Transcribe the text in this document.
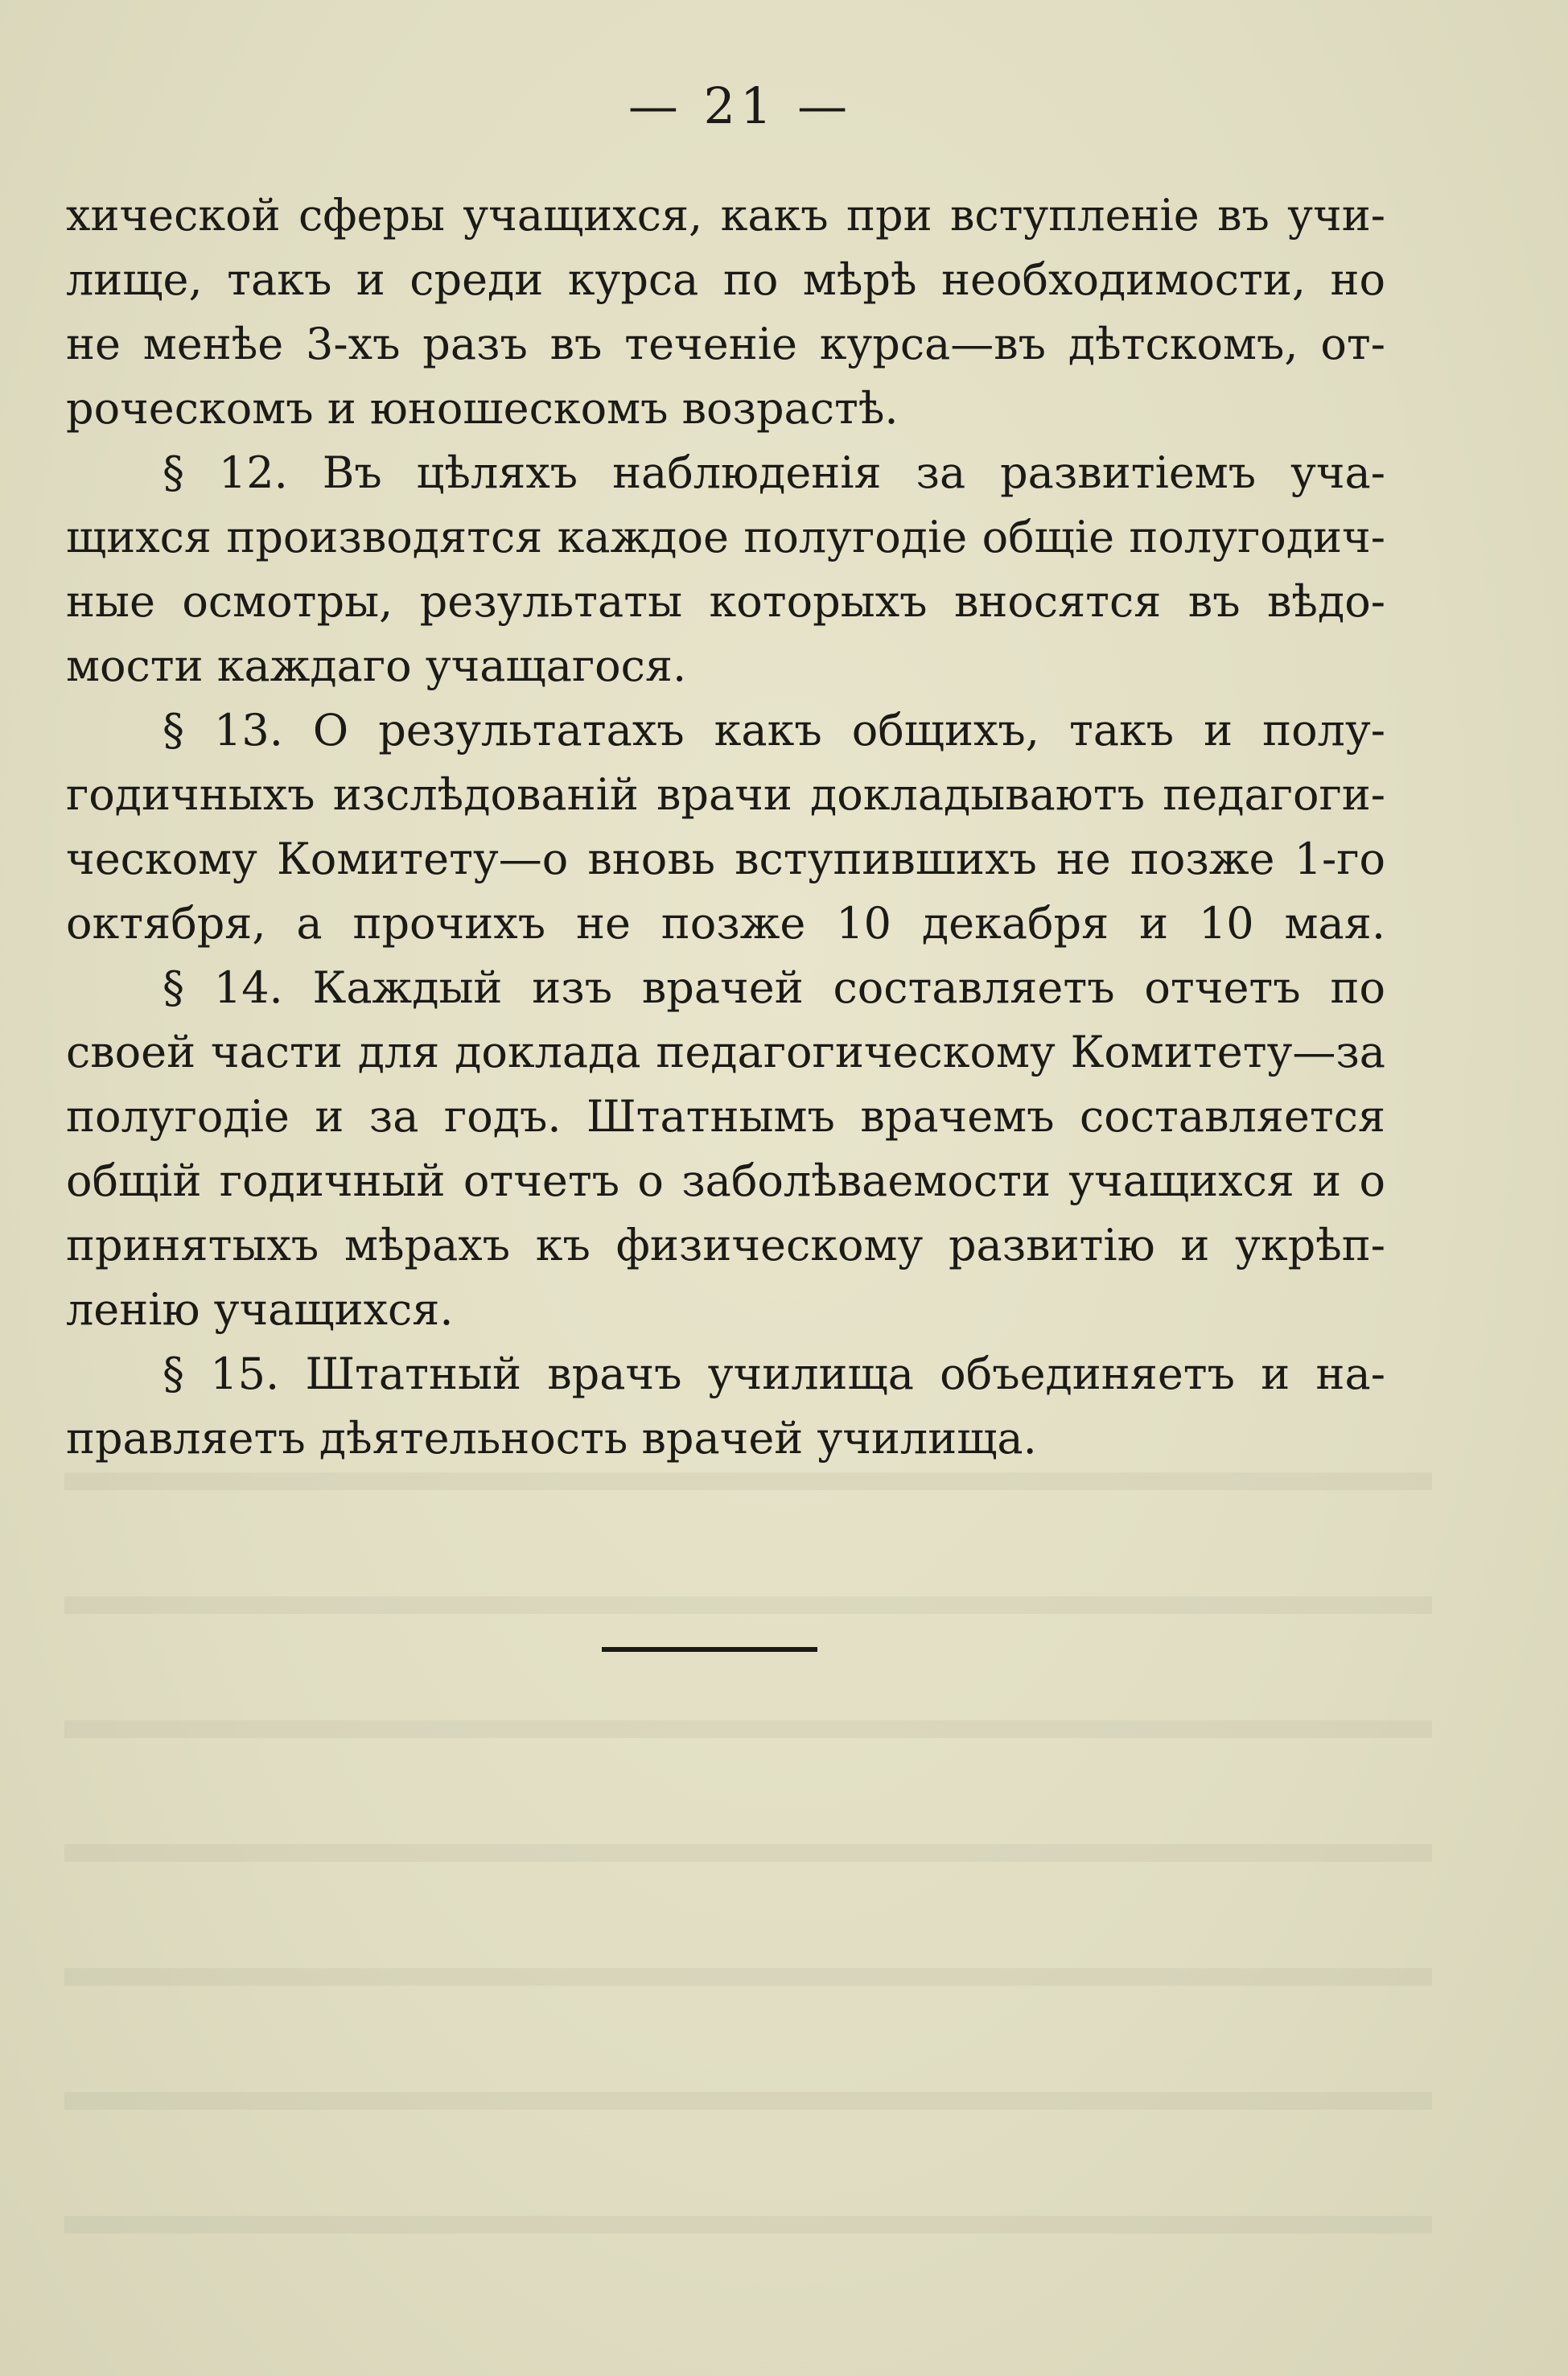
— 21 —
хической сферы учащихся, какъ при вступленіе въ учи-
лище, такъ и среди курса по мѣрѣ необходимости, но
не менѣе 3-хъ разъ въ теченіе курса—въ дѣтскомъ, от-
роческомъ и юношескомъ возрастѣ.
§ 12. Въ цѣляхъ наблюденія за развитіемъ уча-
щихся производятся каждое полугодіе общіе полугодич-
ные осмотры, результаты которыхъ вносятся въ вѣдо-
мости каждаго учащагося.
§ 13. О результатахъ какъ общихъ, такъ и полу-
годичныхъ изслѣдованій врачи докладываютъ педагоги-
ческому Комитету—о вновь вступившихъ не позже 1-го
октября, а прочихъ не позже 10 декабря и 10 мая.
§ 14. Каждый изъ врачей составляетъ отчетъ по
своей части для доклада педагогическому Комитету—за
полугодіе и за годъ. Штатнымъ врачемъ составляется
общій годичный отчетъ о заболѣваемости учащихся и о
принятыхъ мѣрахъ къ физическому развитію и укрѣп-
ленію учащихся.
§ 15. Штатный врачъ училища объединяетъ и на-
правляетъ дѣятельность врачей училища.
